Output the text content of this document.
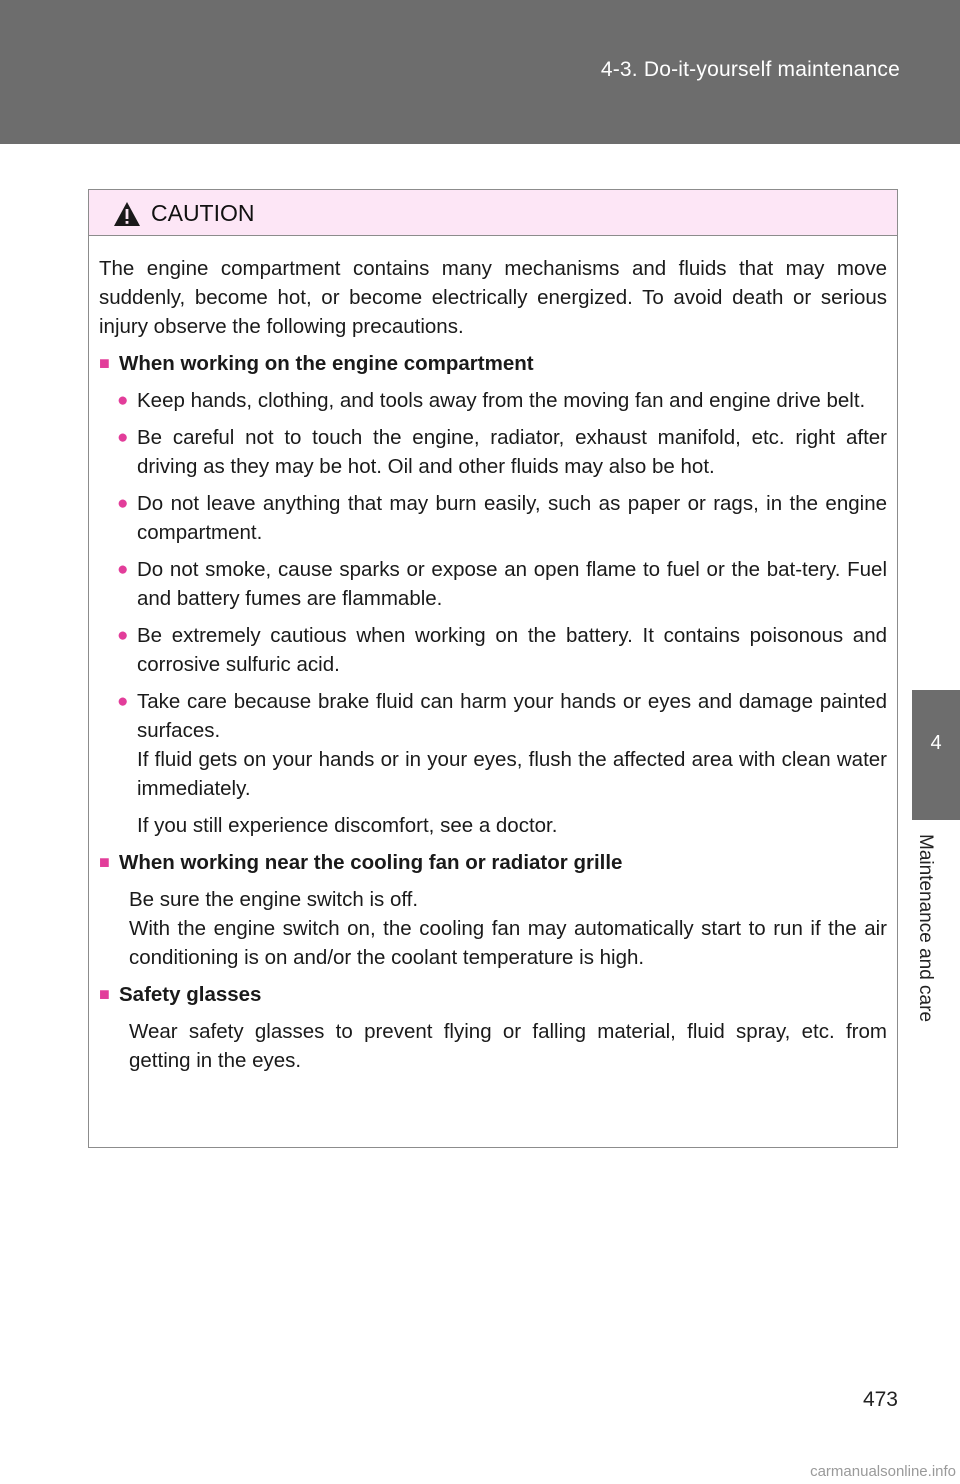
4-3. Do-it-yourself maintenance
4
Maintenance and care
CAUTION

The engine compartment contains many mechanisms and fluids that may move suddenly, become hot, or become electrically energized. To avoid death or serious injury observe the following precautions.

■ When working on the engine compartment
● Keep hands, clothing, and tools away from the moving fan and engine drive belt.
● Be careful not to touch the engine, radiator, exhaust manifold, etc. right after driving as they may be hot. Oil and other fluids may also be hot.
● Do not leave anything that may burn easily, such as paper or rags, in the engine compartment.
● Do not smoke, cause sparks or expose an open flame to fuel or the bat-tery. Fuel and battery fumes are flammable.
● Be extremely cautious when working on the battery. It contains poisonous and corrosive sulfuric acid.
● Take care because brake fluid can harm your hands or eyes and damage painted surfaces.

If fluid gets on your hands or in your eyes, flush the affected area with clean water immediately.

If you still experience discomfort, see a doctor.

■ When working near the cooling fan or radiator grille

Be sure the engine switch is off.

With the engine switch on, the cooling fan may automatically start to run if the air conditioning is on and/or the coolant temperature is high.

■ Safety glasses

Wear safety glasses to prevent flying or falling material, fluid spray, etc. from getting in the eyes.

473
carmanualsonline.info
